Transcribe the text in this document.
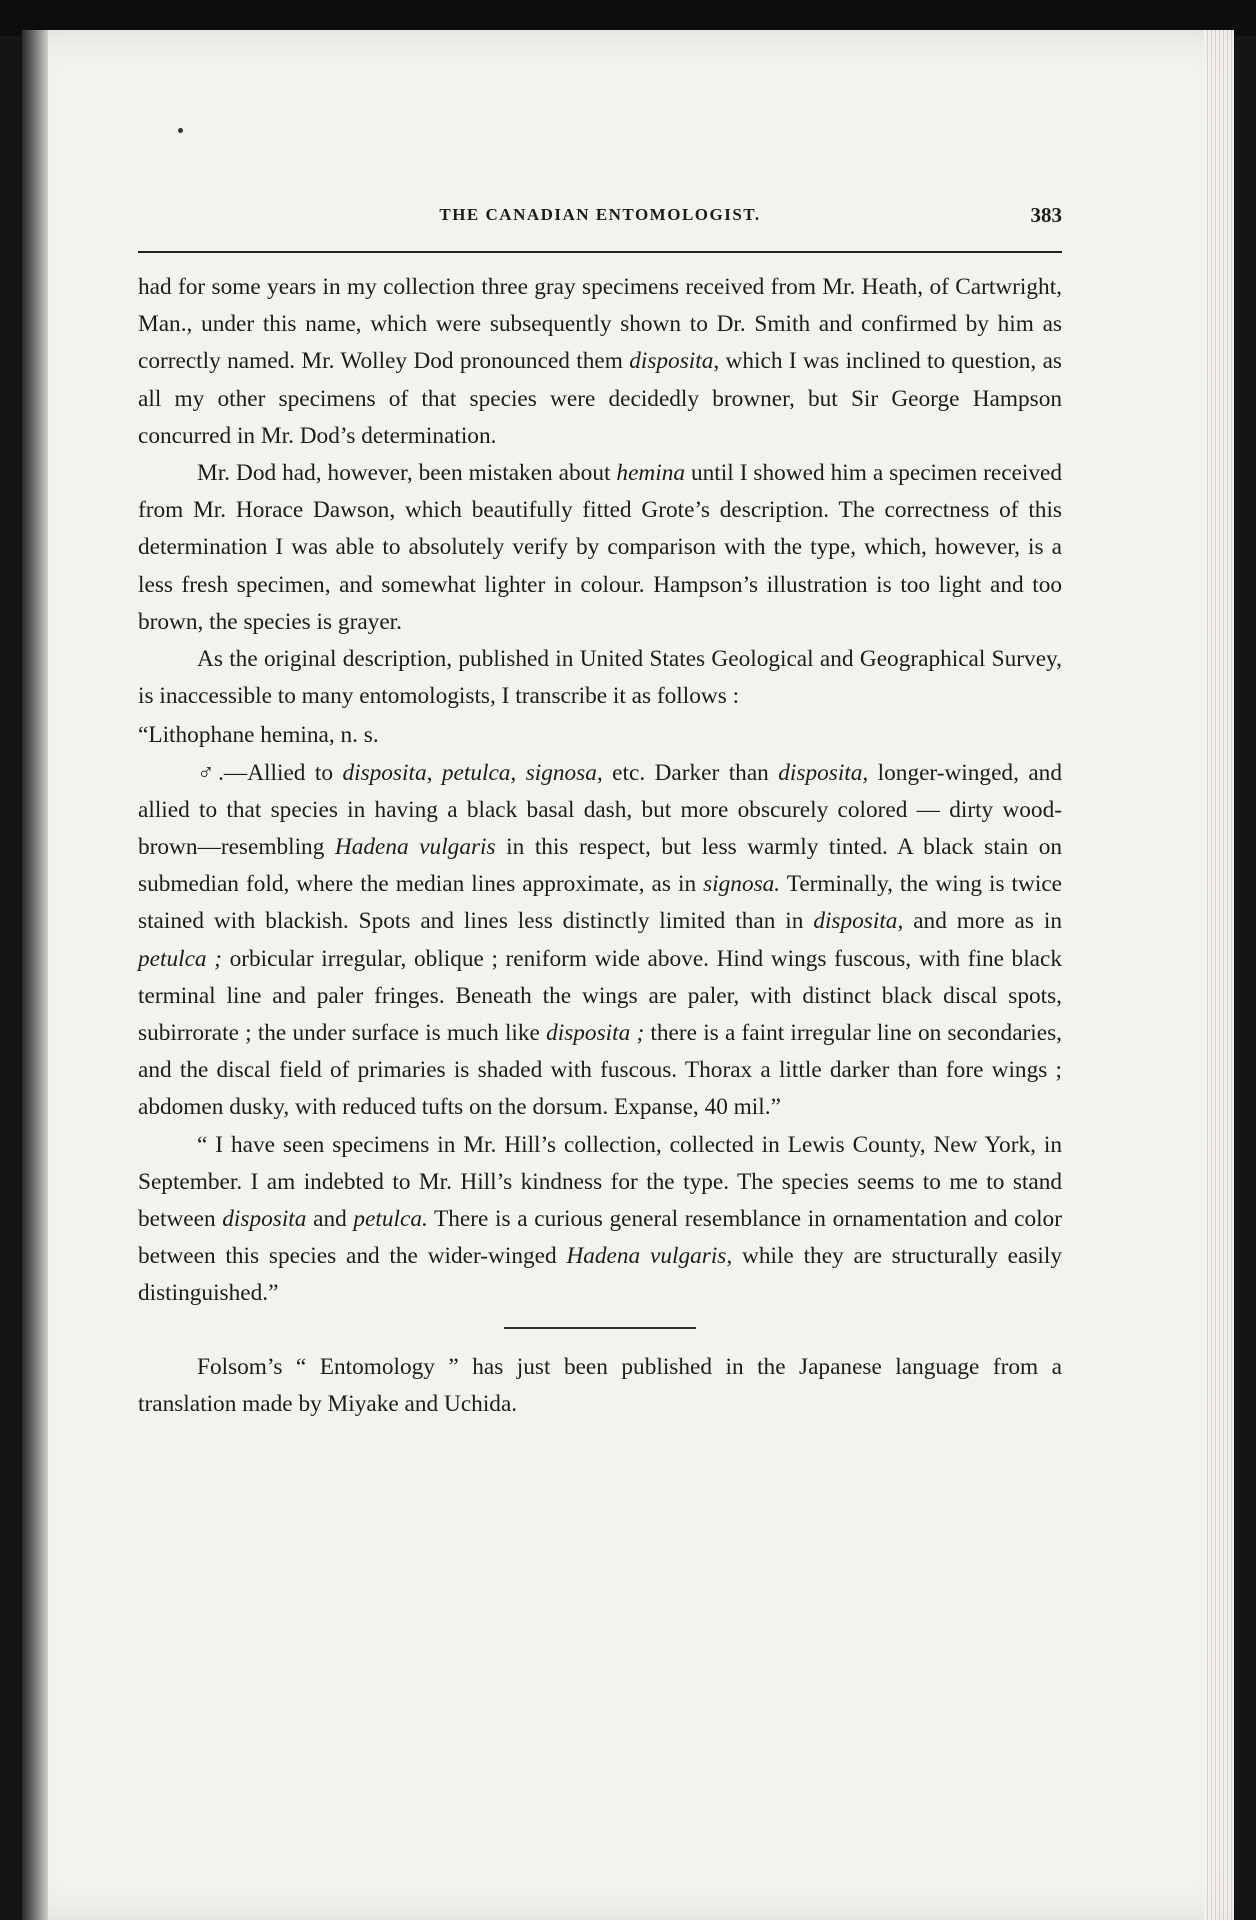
THE CANADIAN ENTOMOLOGIST.	383

had for some years in my collection three gray specimens received from Mr. Heath, of Cartwright, Man., under this name, which were subsequently shown to Dr. Smith and confirmed by him as correctly named. Mr. Wolley Dod pronounced them disposita, which I was inclined to question, as all my other specimens of that species were decidedly browner, but Sir George Hampson concurred in Mr. Dod’s determination.

Mr. Dod had, however, been mistaken about hemina until I showed him a specimen received from Mr. Horace Dawson, which beautifully fitted Grote’s description. The correctness of this determination I was able to absolutely verify by comparison with the type, which, however, is a less fresh specimen, and somewhat lighter in colour. Hampson’s illustration is too light and too brown, the species is grayer.

As the original description, published in United States Geological and Geographical Survey, is inaccessible to many entomologists, I transcribe it as follows :

“Lithophane hemina, n. s.

♂.—Allied to disposita, petulca, signosa, etc. Darker than disposita, longer-winged, and allied to that species in having a black basal dash, but more obscurely colored — dirty wood-brown—resembling Hadena vulgaris in this respect, but less warmly tinted. A black stain on submedian fold, where the median lines approximate, as in signosa. Terminally, the wing is twice stained with blackish. Spots and lines less distinctly limited than in disposita, and more as in petulca ; orbicular irregular, oblique ; reniform wide above. Hind wings fuscous, with fine black terminal line and paler fringes. Beneath the wings are paler, with distinct black discal spots, subirrorate ; the under surface is much like disposita ; there is a faint irregular line on secondaries, and the discal field of primaries is shaded with fuscous. Thorax a little darker than fore wings ; abdomen dusky, with reduced tufts on the dorsum. Expanse, 40 mil.”

“ I have seen specimens in Mr. Hill’s collection, collected in Lewis County, New York, in September. I am indebted to Mr. Hill’s kindness for the type. The species seems to me to stand between disposita and petulca. There is a curious general resemblance in ornamentation and color between this species and the wider-winged Hadena vulgaris, while they are structurally easily distinguished.”

Folsom’s “ Entomology ” has just been published in the Japanese language from a translation made by Miyake and Uchida.
